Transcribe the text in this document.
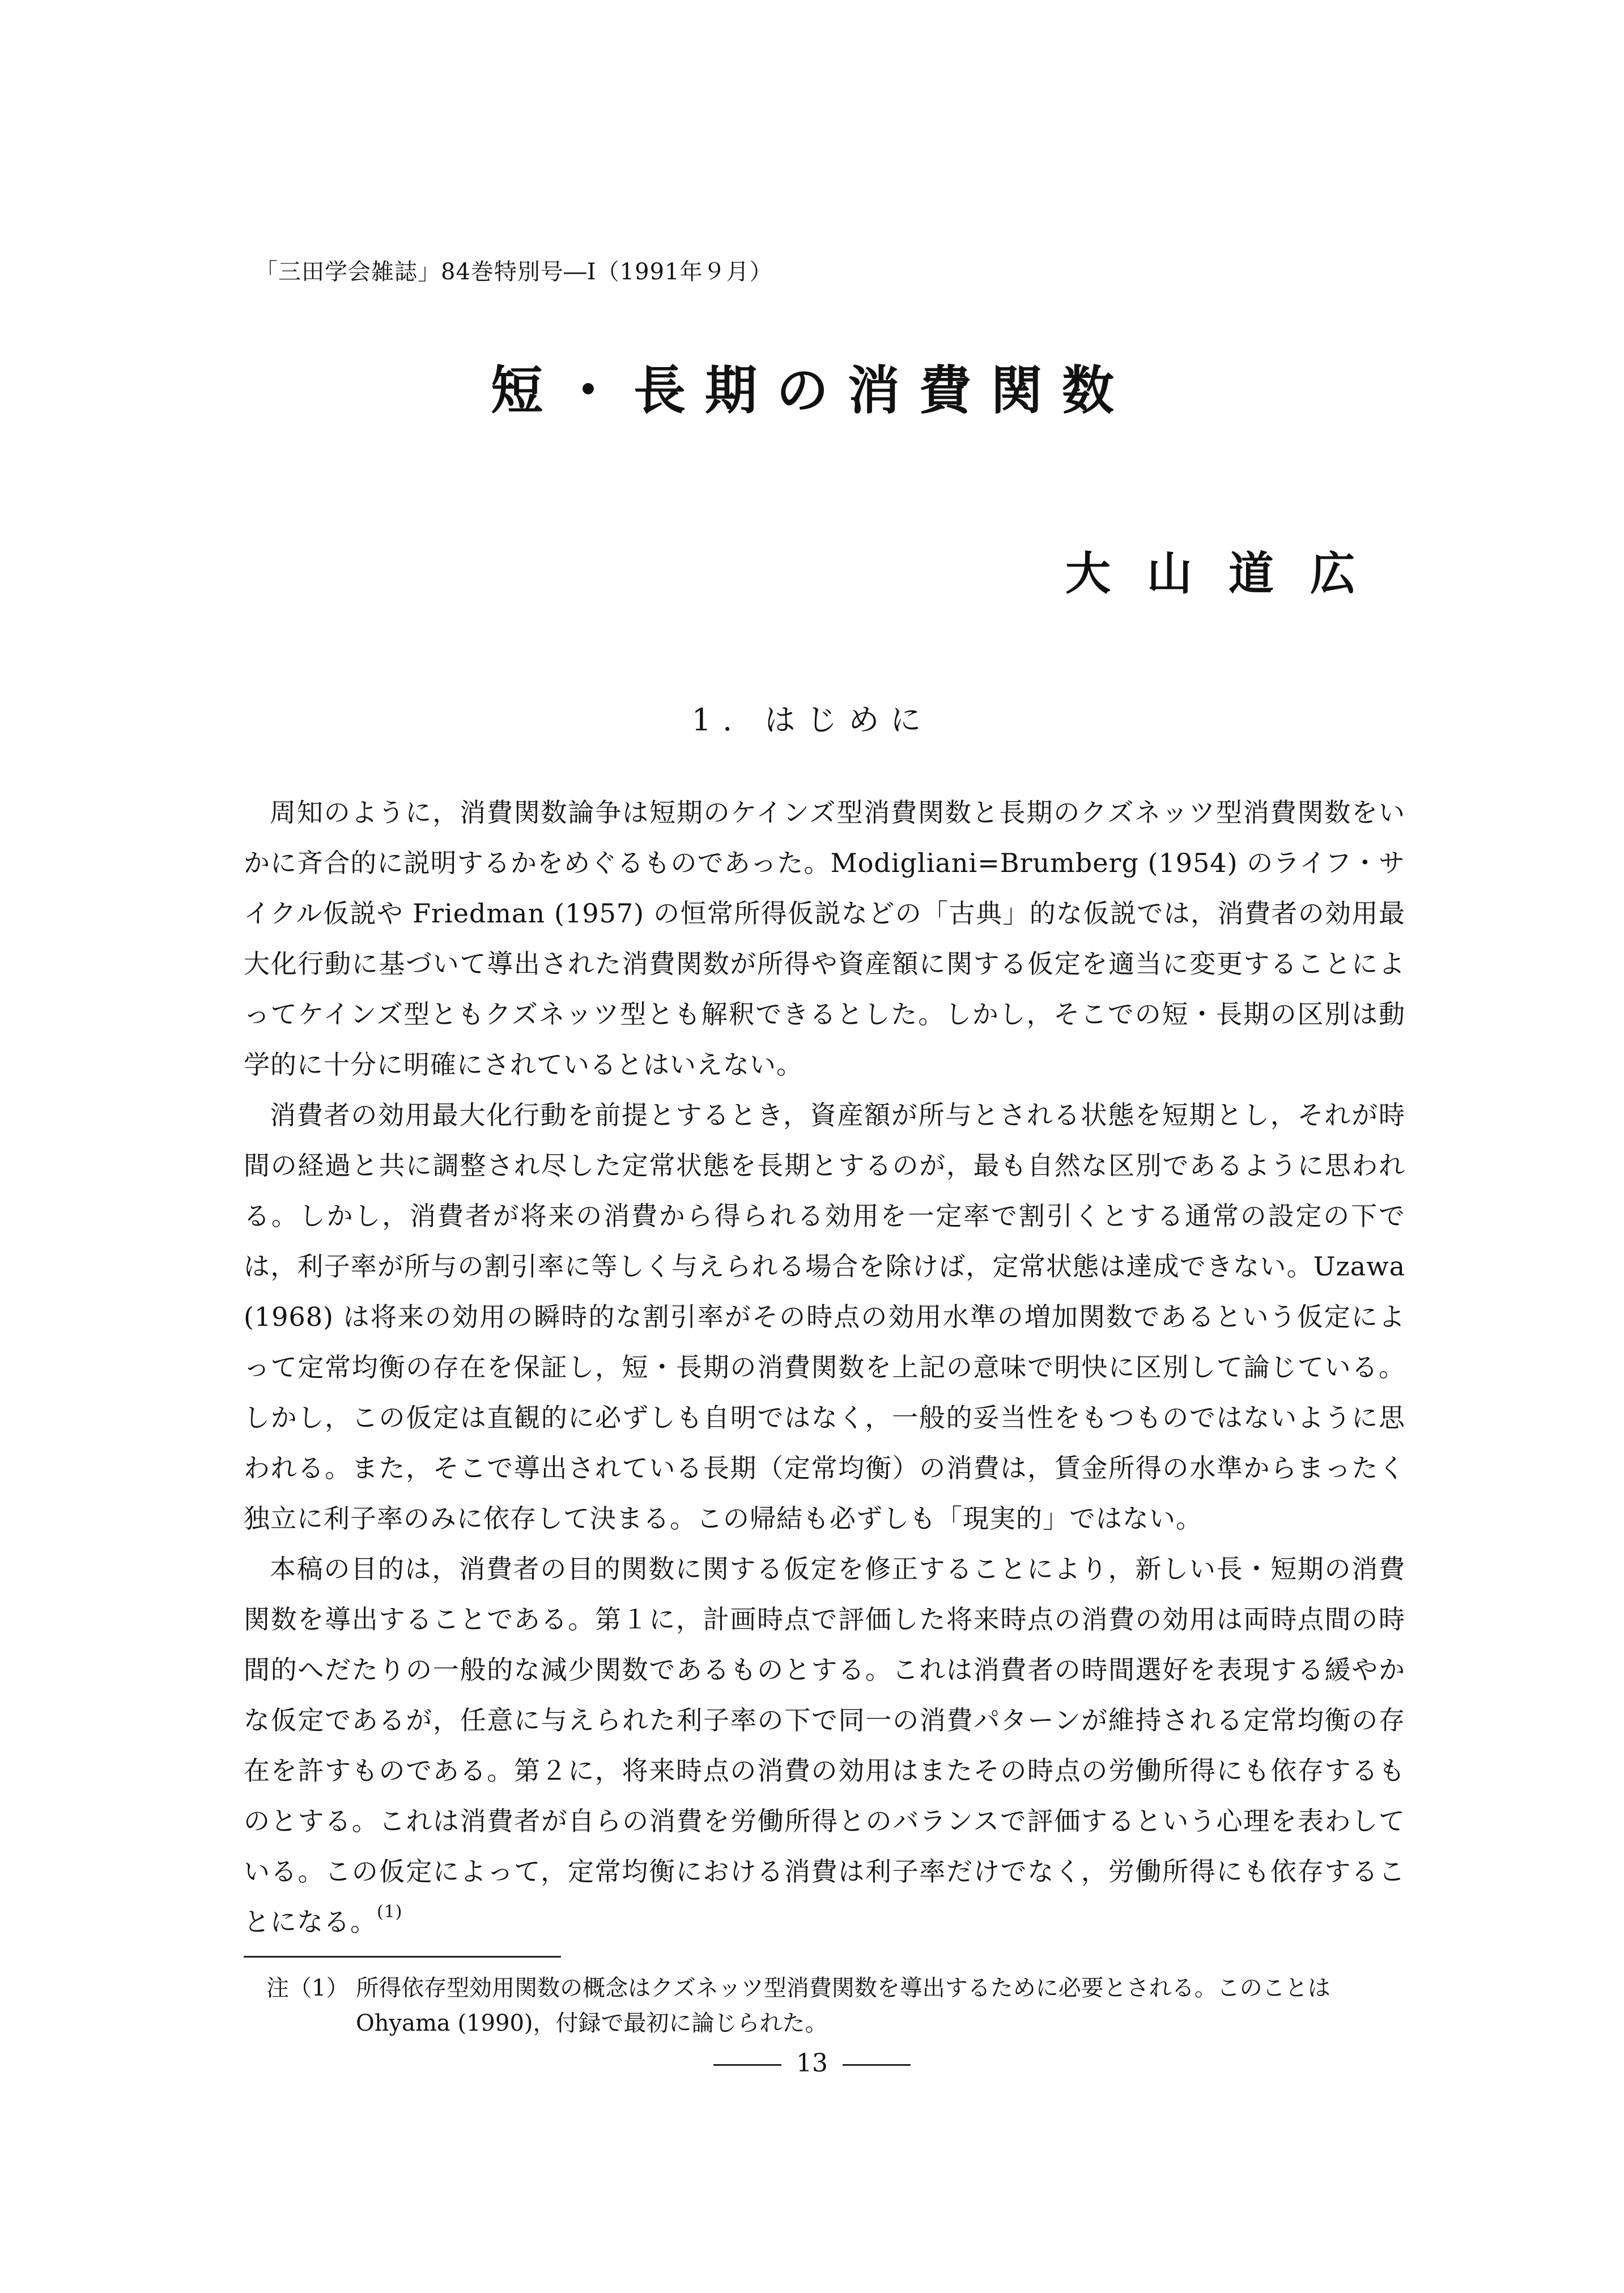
「三田学会雑誌」84巻特別号―Ⅰ（1991年９月）
短・長期の消費関数
大山道広
1. はじめに

周知のように，消費関数論争は短期のケインズ型消費関数と長期のクズネッツ型消費関数をいかに斉合的に説明するかをめぐるものであった。Modigliani=Brumberg (1954) のライフ・サイクル仮説や Friedman (1957) の恒常所得仮説などの「古典」的な仮説では，消費者の効用最大化行動に基づいて導出された消費関数が所得や資産額に関する仮定を適当に変更することによってケインズ型ともクズネッツ型とも解釈できるとした。しかし，そこでの短・長期の区別は動学的に十分に明確にされているとはいえない。

消費者の効用最大化行動を前提とするとき，資産額が所与とされる状態を短期とし，それが時間の経過と共に調整され尽した定常状態を長期とするのが，最も自然な区別であるように思われる。しかし，消費者が将来の消費から得られる効用を一定率で割引くとする通常の設定の下では，利子率が所与の割引率に等しく与えられる場合を除けば，定常状態は達成できない。Uzawa (1968) は将来の効用の瞬時的な割引率がその時点の効用水準の増加関数であるという仮定によって定常均衡の存在を保証し，短・長期の消費関数を上記の意味で明快に区別して論じている。しかし，この仮定は直観的に必ずしも自明ではなく，一般的妥当性をもつものではないように思われる。また，そこで導出されている長期（定常均衡）の消費は，賃金所得の水準からまったく独立に利子率のみに依存して決まる。この帰結も必ずしも「現実的」ではない。

本稿の目的は，消費者の目的関数に関する仮定を修正することにより，新しい長・短期の消費関数を導出することである。第１に，計画時点で評価した将来時点の消費の効用は両時点間の時間的へだたりの一般的な減少関数であるものとする。これは消費者の時間選好を表現する緩やかな仮定であるが，任意に与えられた利子率の下で同一の消費パターンが維持される定常均衡の存在を許すものである。第２に，将来時点の消費の効用はまたその時点の労働所得にも依存するものとする。これは消費者が自らの消費を労働所得とのバランスで評価するという心理を表わしている。この仮定によって，定常均衡における消費は利子率だけでなく，労働所得にも依存することになる。$^{(1)}$

注（1） 所得依存型効用関数の概念はクズネッツ型消費関数を導出するために必要とされる。このことは
Ohyama (1990)，付録で最初に論じられた。
13
